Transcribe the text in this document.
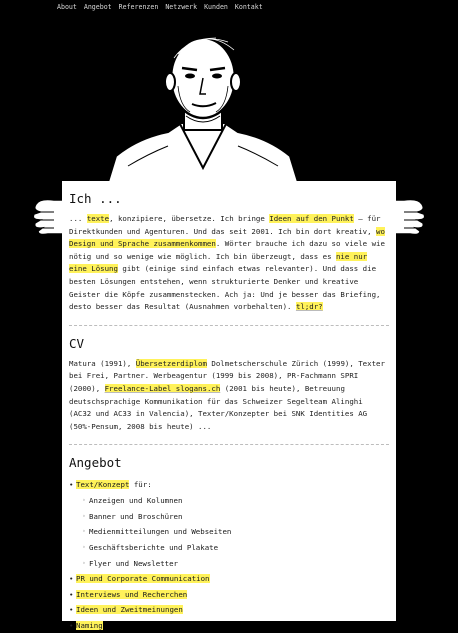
About Angebot Referenzen Netzwerk Kunden Kontakt
Ich ...

... texte, konzipiere, übersetze. Ich bringe Ideen auf den Punkt – für Direktkunden und Agenturen. Und das seit 2001. Ich bin dort kreativ, wo Design und Sprache zusammenkommen. Wörter brauche ich dazu so viele wie nötig und so wenige wie möglich. Ich bin überzeugt, dass es nie nur eine Lösung gibt (einige sind einfach etwas relevanter). Und dass die besten Lösungen entstehen, wenn strukturierte Denker und kreative Geister die Köpfe zusammenstecken. Ach ja: Und je besser das Briefing, desto besser das Resultat (Ausnahmen vorbehalten). tl;dr?

CV

Matura (1991), Übersetzerdiplom Dolmetscherschule Zürich (1999), Texter bei Frei, Partner. Werbeagentur (1999 bis 2008), PR-Fachmann SPRI (2000), Freelance-Label slogans.ch (2001 bis heute), Betreuung deutschsprachige Kommunikation für das Schweizer Segelteam Alinghi (AC32 und AC33 in Valencia), Texter/Konzepter bei SNK Identities AG (50%-Pensum, 2008 bis heute) ...

Angebot
• Text/Konzept für:
◦ Anzeigen und Kolumnen
◦ Banner und Broschüren
◦ Medienmitteilungen und Webseiten
◦ Geschäftsberichte und Plakate
◦ Flyer und Newsletter
• PR und Corporate Communication
• Interviews und Recherchen
• Ideen und Zweitmeinungen
• Naming
